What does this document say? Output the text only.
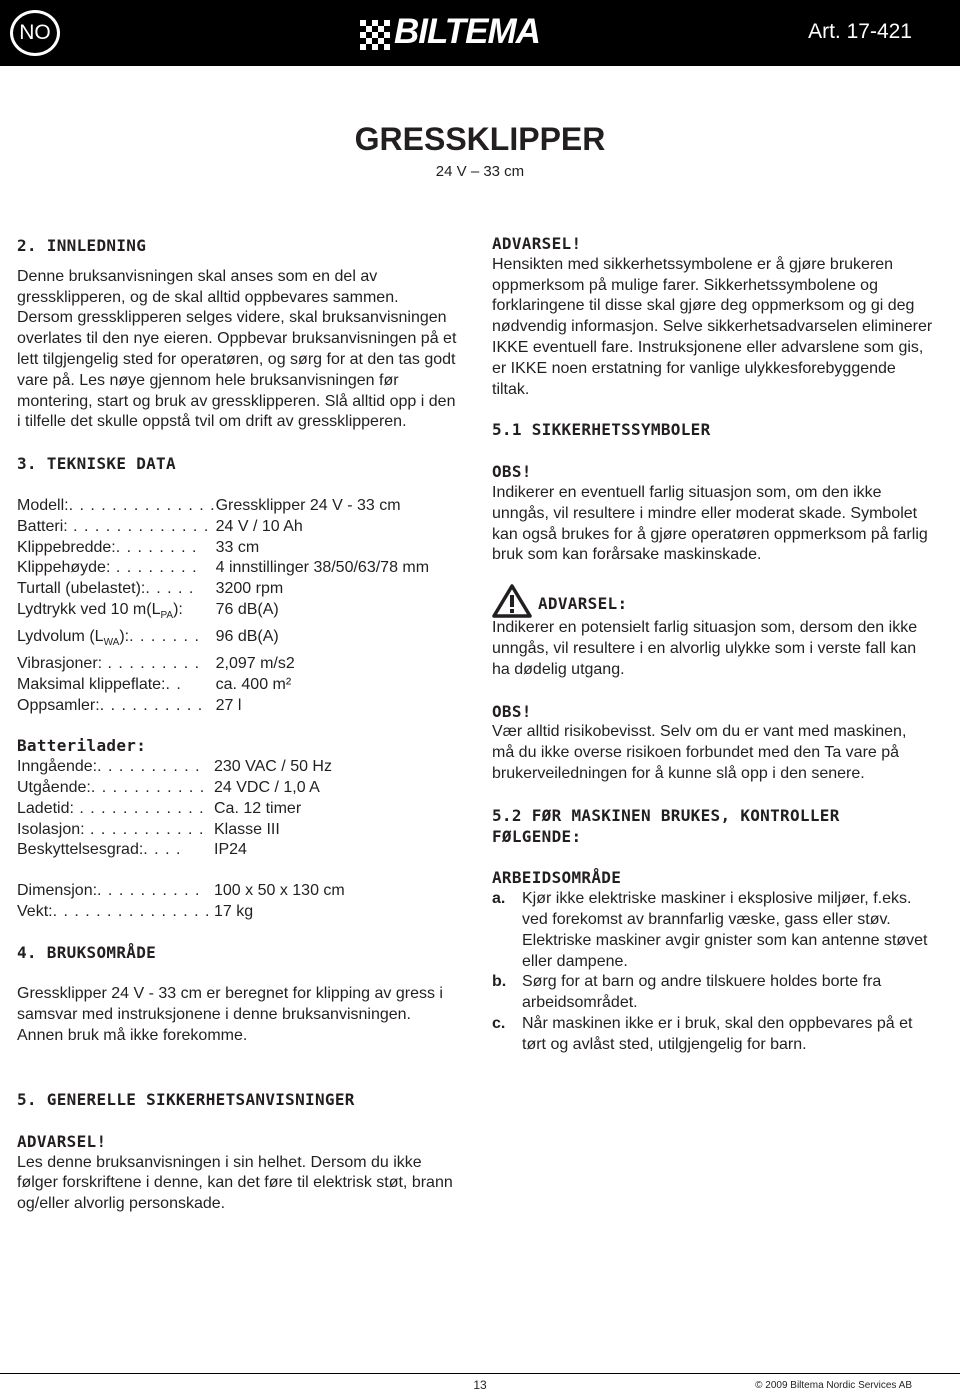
NO	BILTEMA	Art. 17-421
GRESSKLIPPER
24 V – 33 cm
2. INNLEDNING

Denne bruksanvisningen skal anses som en del av gressklipperen, og de skal alltid oppbevares sammen. Dersom gressklipperen selges videre, skal bruksanvisningen overlates til den nye eieren. Oppbevar bruksanvisningen på et lett tilgjengelig sted for operatøren, og sørg for at den tas godt vare på. Les nøye gjennom hele bruksanvisningen før montering, start og bruk av gressklipperen. Slå alltid opp i den i tilfelle det skulle oppstå tvil om drift av gressklipperen.

3. TEKNISKE DATA
Modell:. . . . . . . . . . . . . .	Gressklipper 24 V - 33 cm
Batteri: . . . . . . . . . . . . .	24 V / 10 Ah
Klippebredde:. . . . . . . .	33 cm
Klippehøyde: . . . . . . . .	4 innstillinger 38/50/63/78 mm
Turtall (ubelastet):. . . . .	3200 rpm
Lydtrykk ved 10 $m(L_{PA})$:	76 dB(A)
Lydvolum $(L_{WA})$:. . . . . . .	96 dB(A)
Vibrasjoner: . . . . . . . . .	2,097 m/s2
Maksimal klippeflate:. .	ca. 400 m²
Oppsamler:. . . . . . . . . .	27 l
Batterilader:
Inngående:. . . . . . . . . .	230 VAC / 50 Hz
Utgående:. . . . . . . . . . .	24 VDC / 1,0 A
Ladetid: . . . . . . . . . . . .	Ca. 12 timer
Isolasjon: . . . . . . . . . . .	Klasse III
Beskyttelsesgrad:. . . .	IP24
Dimensjon:. . . . . . . . . .	100 x 50 x 130 cm
Vekt:. . . . . . . . . . . . . . .	17 kg
4. BRUKSOMRÅDE

Gressklipper 24 V - 33 cm er beregnet for klipping av gress i samsvar med instruksjonene i denne bruksanvisningen. Annen bruk må ikke forekomme.

ADVARSEL!

Hensikten med sikkerhetssymbolene er å gjøre brukeren oppmerksom på mulige farer. Sikkerhetssymbolene og forklaringene til disse skal gjøre deg oppmerksom og gi deg nødvendig informasjon. Selve sikkerhetsadvarselen eliminerer IKKE eventuell fare. Instruksjonene eller advarslene som gis, er IKKE noen erstatning for vanlige ulykkesforebyggende tiltak.

5.1 SIKKERHETSSYMBOLER
OBS!

Indikerer en eventuell farlig situasjon som, om den ikke unngås, vil resultere i mindre eller moderat skade. Symbolet kan også brukes for å gjøre operatøren oppmerksom på farlig bruk som kan forårsake maskinskade.

ADVARSEL:

Indikerer en potensielt farlig situasjon som, dersom den ikke unngås, vil resultere i en alvorlig ulykke som i verste fall kan ha dødelig utgang.

OBS!

Vær alltid risikobevisst. Selv om du er vant med maskinen, må du ikke overse risikoen forbundet med den Ta vare på brukerveiledningen for å kunne slå opp i den senere.

5.2 FØR MASKINEN BRUKES, KONTROLLER FØLGENDE:
ARBEIDSOMRÅDE
a.	Kjør ikke elektriske maskiner i eksplosive miljøer, f.eks. ved forekomst av brannfarlig væske, gass eller støv. Elektriske maskiner avgir gnister som kan antenne støvet eller dampene.
b. Sørg for at barn og andre tilskuere holdes borte fra arbeidsområdet.
c.	Når maskinen ikke er i bruk, skal den oppbevares på et tørt og avlåst sted, utilgjengelig for barn.
5. GENERELLE SIKKERHETSANVISNINGER
ADVARSEL!

Les denne bruksanvisningen i sin helhet. Dersom du ikke følger forskriftene i denne, kan det føre til elektrisk støt, brann og/eller alvorlig personskade.

13	© 2009 Biltema Nordic Services AB
